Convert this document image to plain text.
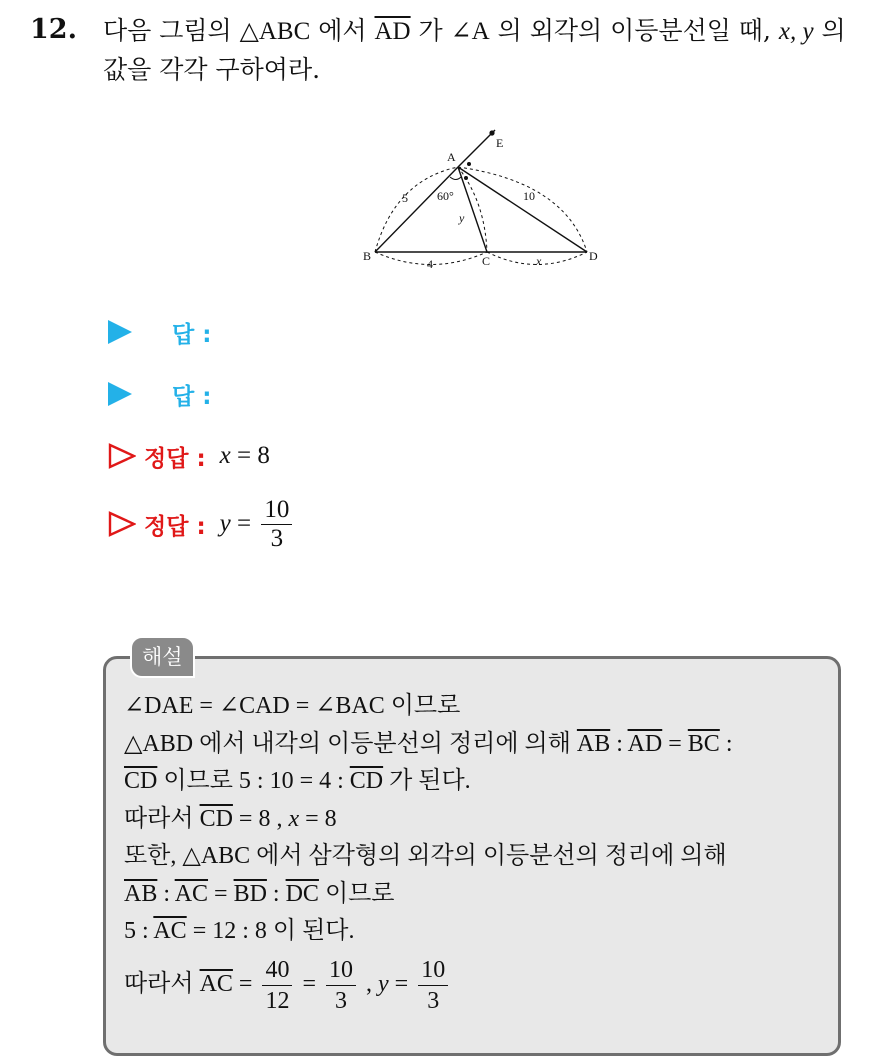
12. 다음 그림의 △ABC 에서 $\overline{AD}$ 가 ∠A 의 외각의 이등분선일 때, x, y 의
값을 각각 구하여라.
A
B	C	D
E
5	10
60°
y
4	x
답 :
답 :
정답 : x = 8
정답 : $y = \frac{10}{3}$
해설
∠DAE = ∠CAD = ∠BAC 이므로
△ABD 에서 내각의 이등분선의 정리에 의해 $\overline{AB}$ : $\overline{AD} = \overline{BC}$ :
$\overline{CD}$ 이므로 5 : 10 = 4 : $\overline{CD}$ 가 된다.
따라서 $\overline{CD} = 8$ , x = 8
또한, △ABC 에서 삼각형의 외각의 이등분선의 정리에 의해
$\overline{AB}$ : $\overline{AC} = \overline{BD}$ : $\overline{DC}$ 이므로
5 : $\overline{AC} = 12$ : 8 이 된다.
따라서 $\overline{AC} = \frac{40}{12} = \frac{10}{3}$ , $y = \frac{10}{3}$
